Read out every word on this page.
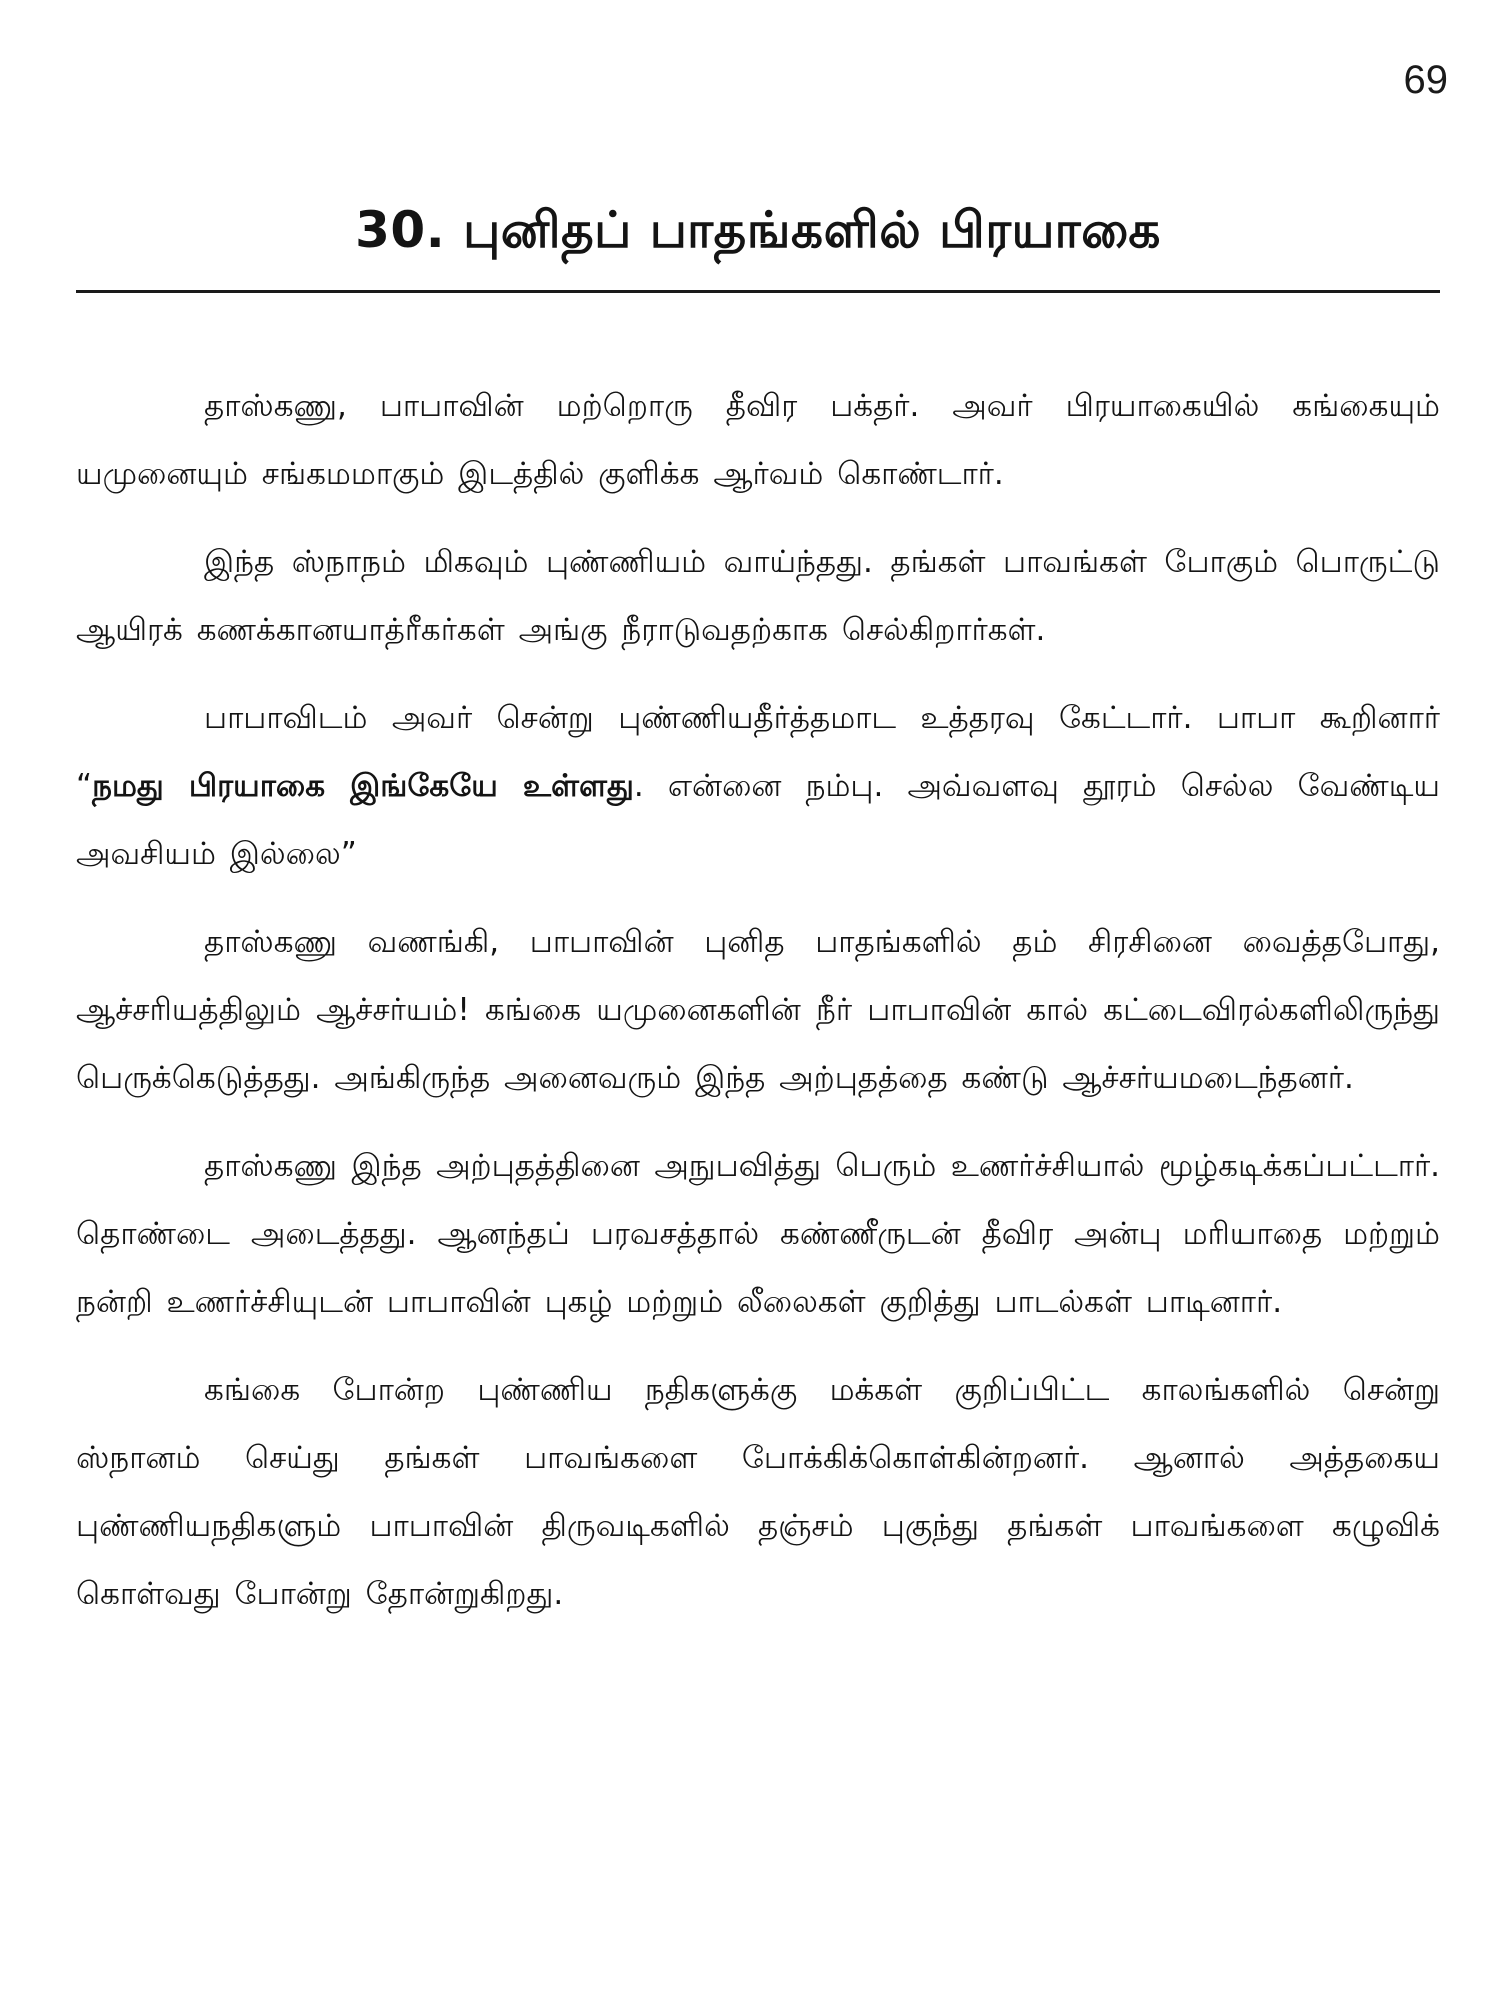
69
30. புனிதப் பாதங்களில் பிரயாகை

தாஸ்கணு, பாபாவின் மற்றொரு தீவிர பக்தர். அவர் பிரயாகையில் கங்கையும் யமுனையும் சங்கமமாகும் இடத்தில் குளிக்க ஆர்வம் கொண்டார்.

இந்த ஸ்நாநம் மிகவும் புண்ணியம் வாய்ந்தது. தங்கள் பாவங்கள் போகும் பொருட்டு ஆயிரக் கணக்கானயாத்ரீகர்கள் அங்கு நீராடுவதற்காக செல்கிறார்கள்.

பாபாவிடம் அவர் சென்று புண்ணியதீர்த்தமாட உத்தரவு கேட்டார். பாபா கூறினார் “நமது பிரயாகை இங்கேயே உள்ளது. என்னை நம்பு. அவ்வளவு தூரம் செல்ல வேண்டிய அவசியம் இல்லை”

தாஸ்கணு வணங்கி, பாபாவின் புனித பாதங்களில் தம் சிரசினை வைத்தபோது, ஆச்சரியத்திலும் ஆச்சர்யம்! கங்கை யமுனைகளின் நீர் பாபாவின் கால் கட்டைவிரல்களிலிருந்து பெருக்கெடுத்தது. அங்கிருந்த அனைவரும் இந்த அற்புதத்தை கண்டு ஆச்சர்யமடைந்தனர்.

தாஸ்கணு இந்த அற்புதத்தினை அநுபவித்து பெரும் உணர்ச்சியால் மூழ்கடிக்கப்பட்டார். தொண்டை அடைத்தது. ஆனந்தப் பரவசத்தால் கண்ணீருடன் தீவிர அன்பு மரியாதை மற்றும் நன்றி உணர்ச்சியுடன் பாபாவின் புகழ் மற்றும் லீலைகள் குறித்து பாடல்கள் பாடினார்.

கங்கை போன்ற புண்ணிய நதிகளுக்கு மக்கள் குறிப்பிட்ட காலங்களில் சென்று ஸ்நானம் செய்து தங்கள் பாவங்களை போக்கிக்கொள்கின்றனர். ஆனால் அத்தகைய புண்ணியநதிகளும் பாபாவின் திருவடிகளில் தஞ்சம் புகுந்து தங்கள் பாவங்களை கழுவிக் கொள்வது போன்று தோன்றுகிறது.
